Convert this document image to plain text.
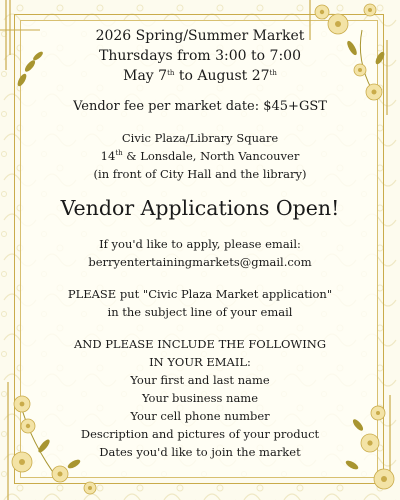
2026 Spring/Summer Market

Thursdays from 3:00 to 7:00

May 7th to August 27th

Vendor fee per market date: $45+GST

Civic Plaza/Library Square

14th & Lonsdale, North Vancouver

(in front of City Hall and the library)

Vendor Applications Open!

If you'd like to apply, please email:

berryentertainingmarkets@gmail.com

PLEASE put "Civic Plaza Market application"

in the subject line of your email

AND PLEASE INCLUDE THE FOLLOWING

IN YOUR EMAIL:

Your first and last name

Your business name

Your cell phone number

Description and pictures of your product

Dates you'd like to join the market
